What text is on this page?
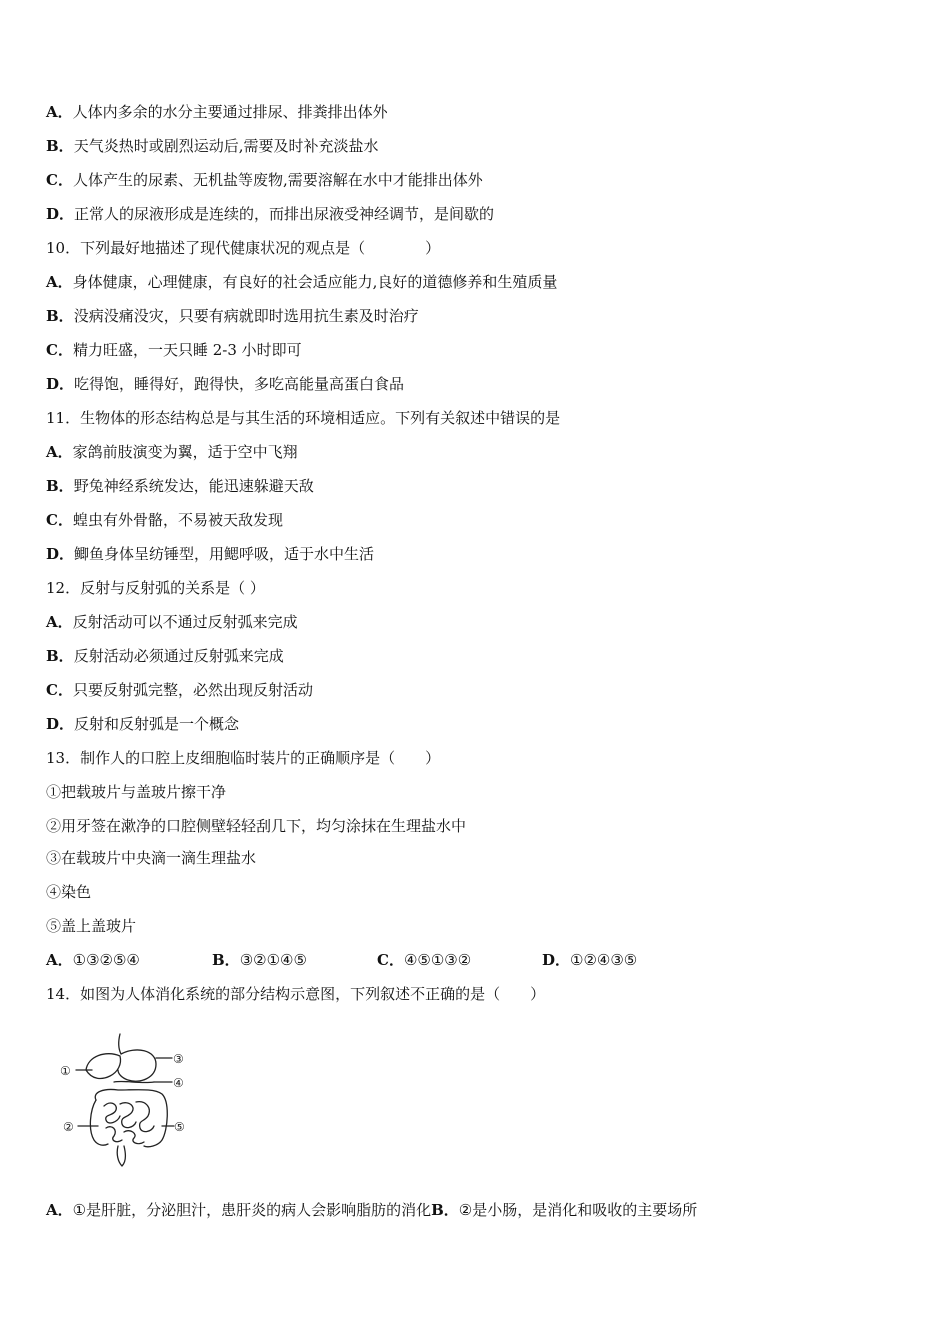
A．人体内多余的水分主要通过排尿、排粪排出体外
B．天气炎热时或剧烈运动后,需要及时补充淡盐水
C．人体产生的尿素、无机盐等废物,需要溶解在水中才能排出体外
D．正常人的尿液形成是连续的，而排出尿液受神经调节，是间歇的
10．下列最好地描述了现代健康状况的观点是（　　　　）
A．身体健康，心理健康，有良好的社会适应能力,良好的道德修养和生殖质量
B．没病没痛没灾，只要有病就即时选用抗生素及时治疗
C．精力旺盛，一天只睡 2-3 小时即可
D．吃得饱，睡得好，跑得快，多吃高能量高蛋白食品
11．生物体的形态结构总是与其生活的环境相适应。下列有关叙述中错误的是
A．家鸽前肢演变为翼，适于空中飞翔
B．野兔神经系统发达，能迅速躲避天敌
C．蝗虫有外骨骼，不易被天敌发现
D．鲫鱼身体呈纺锤型，用鳃呼吸，适于水中生活
12．反射与反射弧的关系是（ ）
A．反射活动可以不通过反射弧来完成
B．反射活动必须通过反射弧来完成
C．只要反射弧完整，必然出现反射活动
D．反射和反射弧是一个概念
13．制作人的口腔上皮细胞临时装片的正确顺序是（　　）
①把载玻片与盖玻片擦干净
②用牙签在漱净的口腔侧壁轻轻刮几下，均匀涂抹在生理盐水中
③在载玻片中央滴一滴生理盐水
④染色
⑤盖上盖玻片
A．①③②⑤④	B．③②①④⑤	C．④⑤①③②	D．①②④③⑤
14．如图为人体消化系统的部分结构示意图，下列叙述不正确的是（　　）
①
③
④
②	⑤
A．①是肝脏，分泌胆汁，患肝炎的病人会影响脂肪的消化B．②是小肠，是消化和吸收的主要场所
